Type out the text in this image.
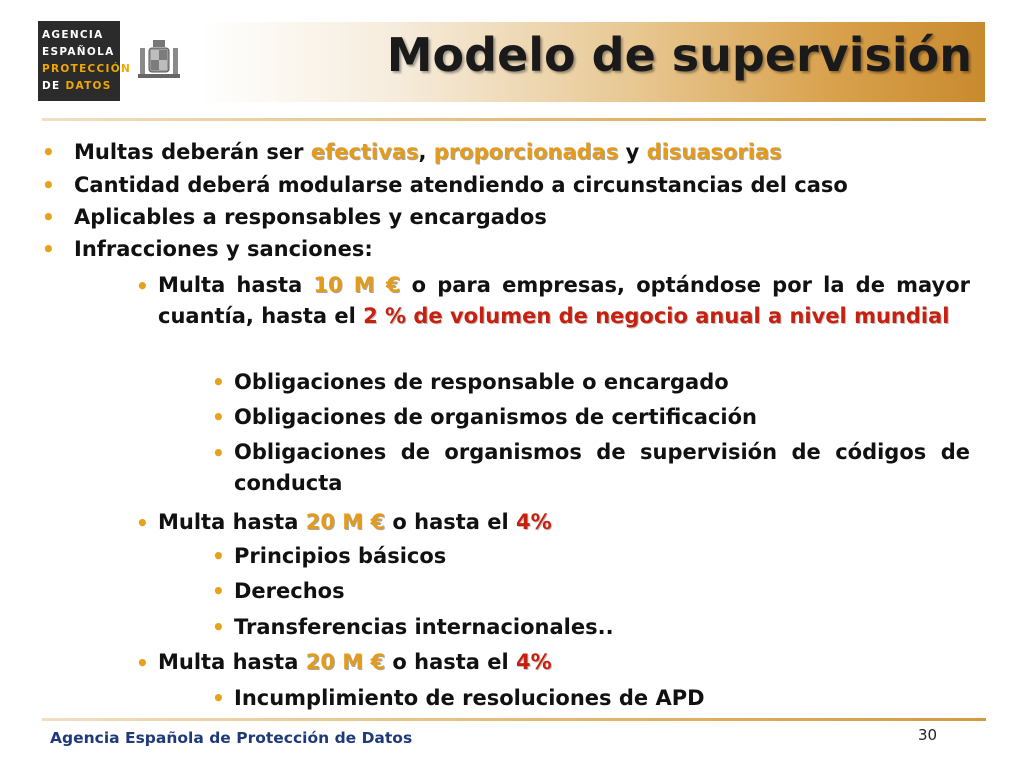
AGENCIA
ESPAÑOLA DE
PROTECCIÓN
DE DATOS
Modelo de supervisión
• Multas deberán ser efectivas, proporcionadas y disuasorias
• Cantidad deberá modularse atendiendo a circunstancias del caso
• Aplicables a responsables y encargados
• Infracciones y sanciones:
• Multa hasta 10 M € o para empresas, optándose por la de mayor cuantía, hasta el 2 % de volumen de negocio anual a nivel mundial
• Obligaciones de responsable o encargado
• Obligaciones de organismos de certificación
• Obligaciones de organismos de supervisión de códigos de conducta
• Multa hasta 20 M € o hasta el 4%
• Principios básicos
• Derechos
• Transferencias internacionales..
• Multa hasta 20 M € o hasta el 4%
• Incumplimiento de resoluciones de APD
Agencia Española de Protección de Datos	30
